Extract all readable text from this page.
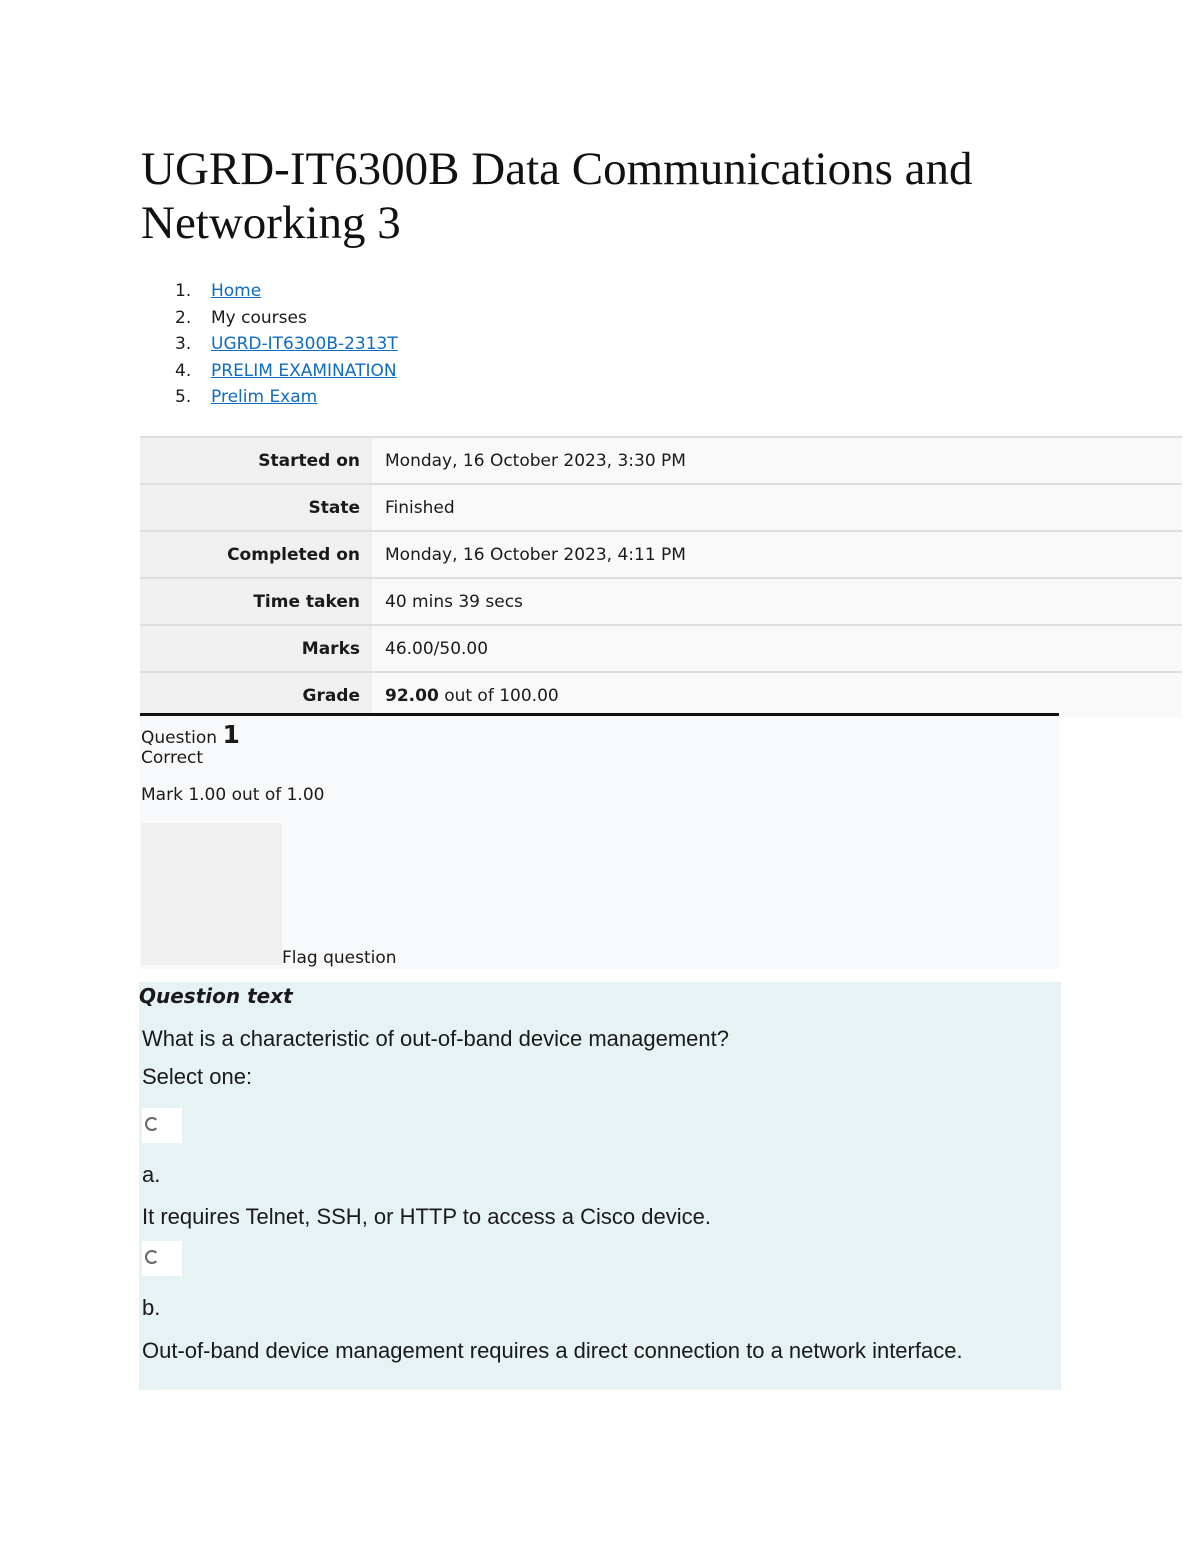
UGRD-IT6300B Data Communications and Networking 3
1. Home
2. My courses
3. UGRD-IT6300B-2313T
4. PRELIM EXAMINATION
5. Prelim Exam
Started on	Monday, 16 October 2023, 3:30 PM
State	Finished
Completed on	Monday, 16 October 2023, 4:11 PM
Time taken	40 mins 39 secs
Marks	46.00/50.00
Grade	92.00 out of 100.00
Question 1
Correct
Mark 1.00 out of 1.00
Flag question
Question text
What is a characteristic of out-of-band device management?
Select one:
a.
It requires Telnet, SSH, or HTTP to access a Cisco device.
b.
Out-of-band device management requires a direct connection to a network interface.
